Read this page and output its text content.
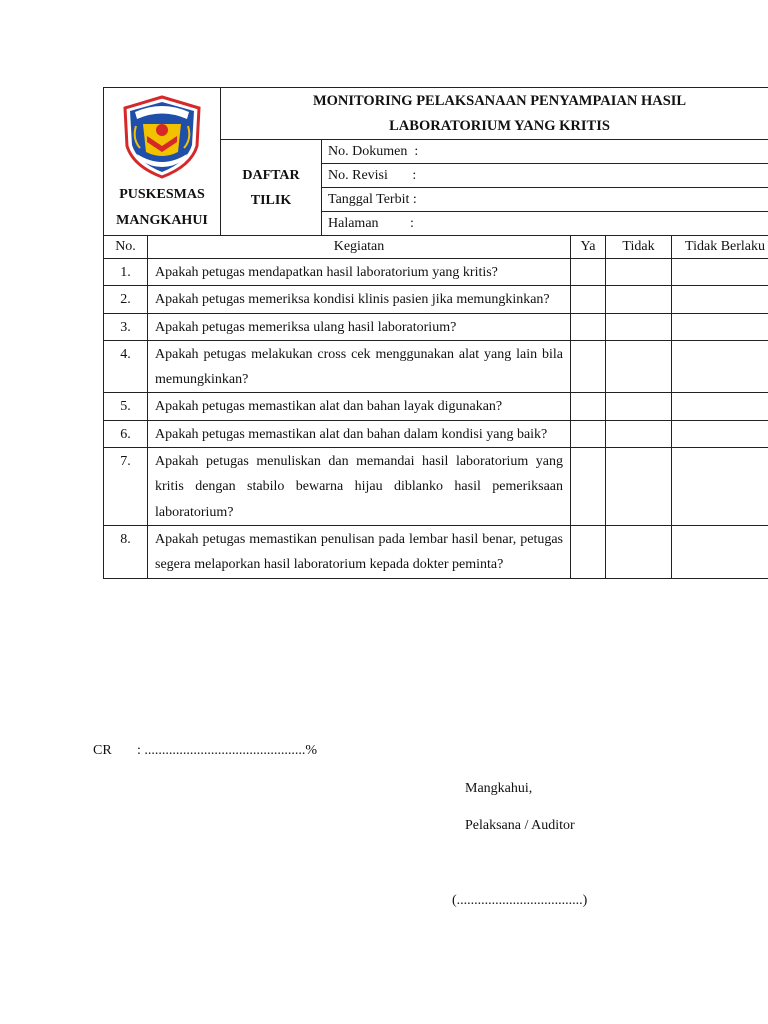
PUSKESMAS
MANGKAHUI		MONITORING PELAKSANAAN PENYAMPAIAN HASIL
LABORATORIUM YANG KRITIS				
		DAFTAR
TILIK	No. Dokumen  :			
			No. Revisi       :			
			Tanggal Terbit :			
			Halaman         :			
No.	Kegiatan			Ya	Tidak	Tidak Berlaku
1.	Apakah petugas mendapatkan hasil laboratorium yang kritis?					
2.	Apakah petugas memeriksa kondisi klinis pasien jika memungkinkan?					
3.	Apakah petugas memeriksa ulang hasil laboratorium?					
4.	Apakah petugas melakukan cross cek menggunakan alat yang lain bila memungkinkan?					
5.	Apakah petugas memastikan alat dan bahan layak digunakan?					
6.	Apakah petugas memastikan alat dan bahan dalam kondisi yang baik?					
7.	Apakah petugas menuliskan dan memandai hasil laboratorium yang kritis dengan stabilo bewarna hijau diblanko hasil pemeriksaan laboratorium?					
8.	Apakah petugas memastikan penulisan pada lembar hasil benar, petugas segera melaporkan hasil laboratorium kepada dokter peminta?					
CR : ..............................................%
Mangkahui,
Pelaksana / Auditor
(....................................)
